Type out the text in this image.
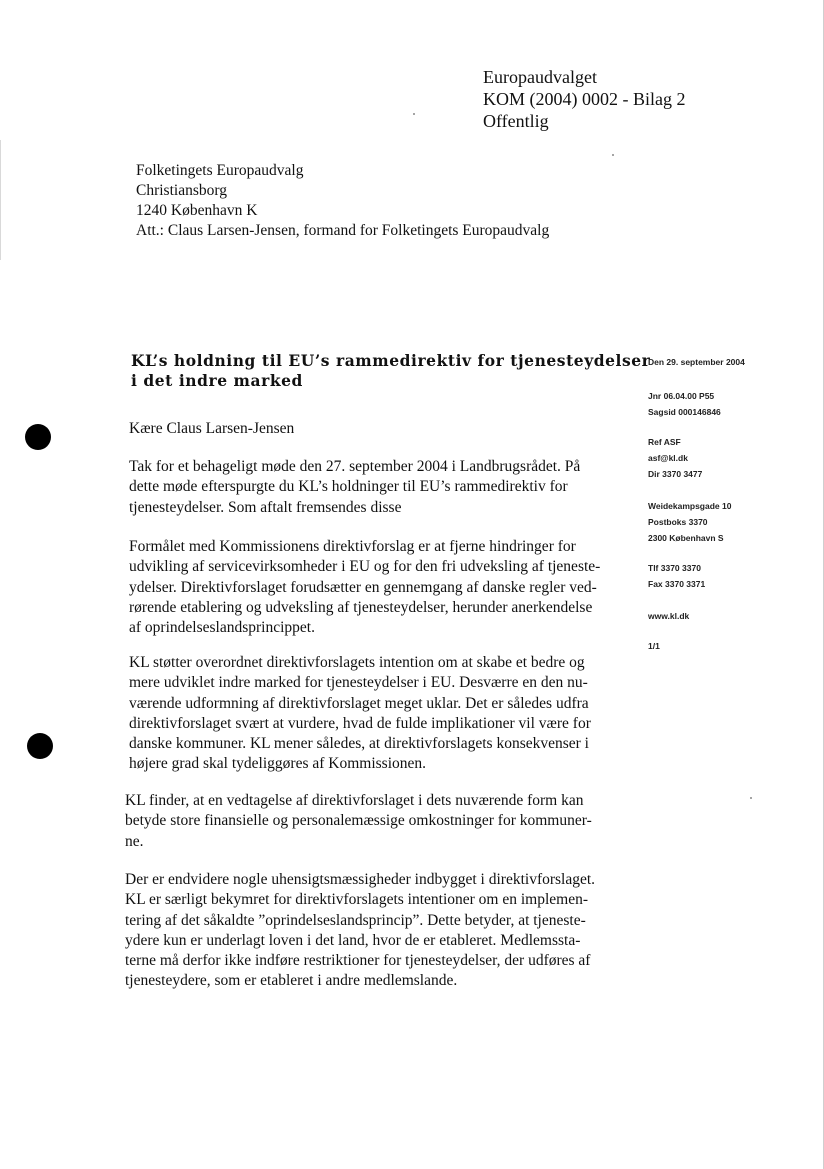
Europaudvalget
KOM (2004) 0002 - Bilag 2
Offentlig
Folketingets Europaudvalg
Christiansborg
1240 København K
Att.: Claus Larsen-Jensen, formand for Folketingets Europaudvalg
KL’s holdning til EU’s rammedirektiv for tjenesteydelser
i det indre marked
Kære Claus Larsen-Jensen
Tak for et behageligt møde den 27. september 2004 i Landbrugsrådet. På
dette møde efterspurgte du KL’s holdninger til EU’s rammedirektiv for
tjenesteydelser. Som aftalt fremsendes disse
Formålet med Kommissionens direktivforslag er at fjerne hindringer for
udvikling af servicevirksomheder i EU og for den fri udveksling af tjeneste-
ydelser. Direktivforslaget forudsætter en gennemgang af danske regler ved-
rørende etablering og udveksling af tjenesteydelser, herunder anerkendelse
af oprindelseslandsprincippet.
KL støtter overordnet direktivforslagets intention om at skabe et bedre og
mere udviklet indre marked for tjenesteydelser i EU. Desværre en den nu-
værende udformning af direktivforslaget meget uklar. Det er således udfra
direktivforslaget svært at vurdere, hvad de fulde implikationer vil være for
danske kommuner. KL mener således, at direktivforslagets konsekvenser i
højere grad skal tydeliggøres af Kommissionen.
KL finder, at en vedtagelse af direktivforslaget i dets nuværende form kan
betyde store finansielle og personalemæssige omkostninger for kommuner-
ne.
Der er endvidere nogle uhensigtsmæssigheder indbygget i direktivforslaget.
KL er særligt bekymret for direktivforslagets intentioner om en implemen-
tering af det såkaldte ”oprindelseslandsprincip”. Dette betyder, at tjeneste-
ydere kun er underlagt loven i det land, hvor de er etableret. Medlemssta-
terne må derfor ikke indføre restriktioner for tjenesteydelser, der udføres af
tjenesteydere, som er etableret i andre medlemslande.
Den 29. september 2004
Jnr 06.04.00 P55
Sagsid 000146846
Ref ASF
asf@kl.dk
Dir 3370 3477
Weidekampsgade 10
Postboks 3370
2300 København S
Tlf 3370 3370
Fax 3370 3371
www.kl.dk
1/1
